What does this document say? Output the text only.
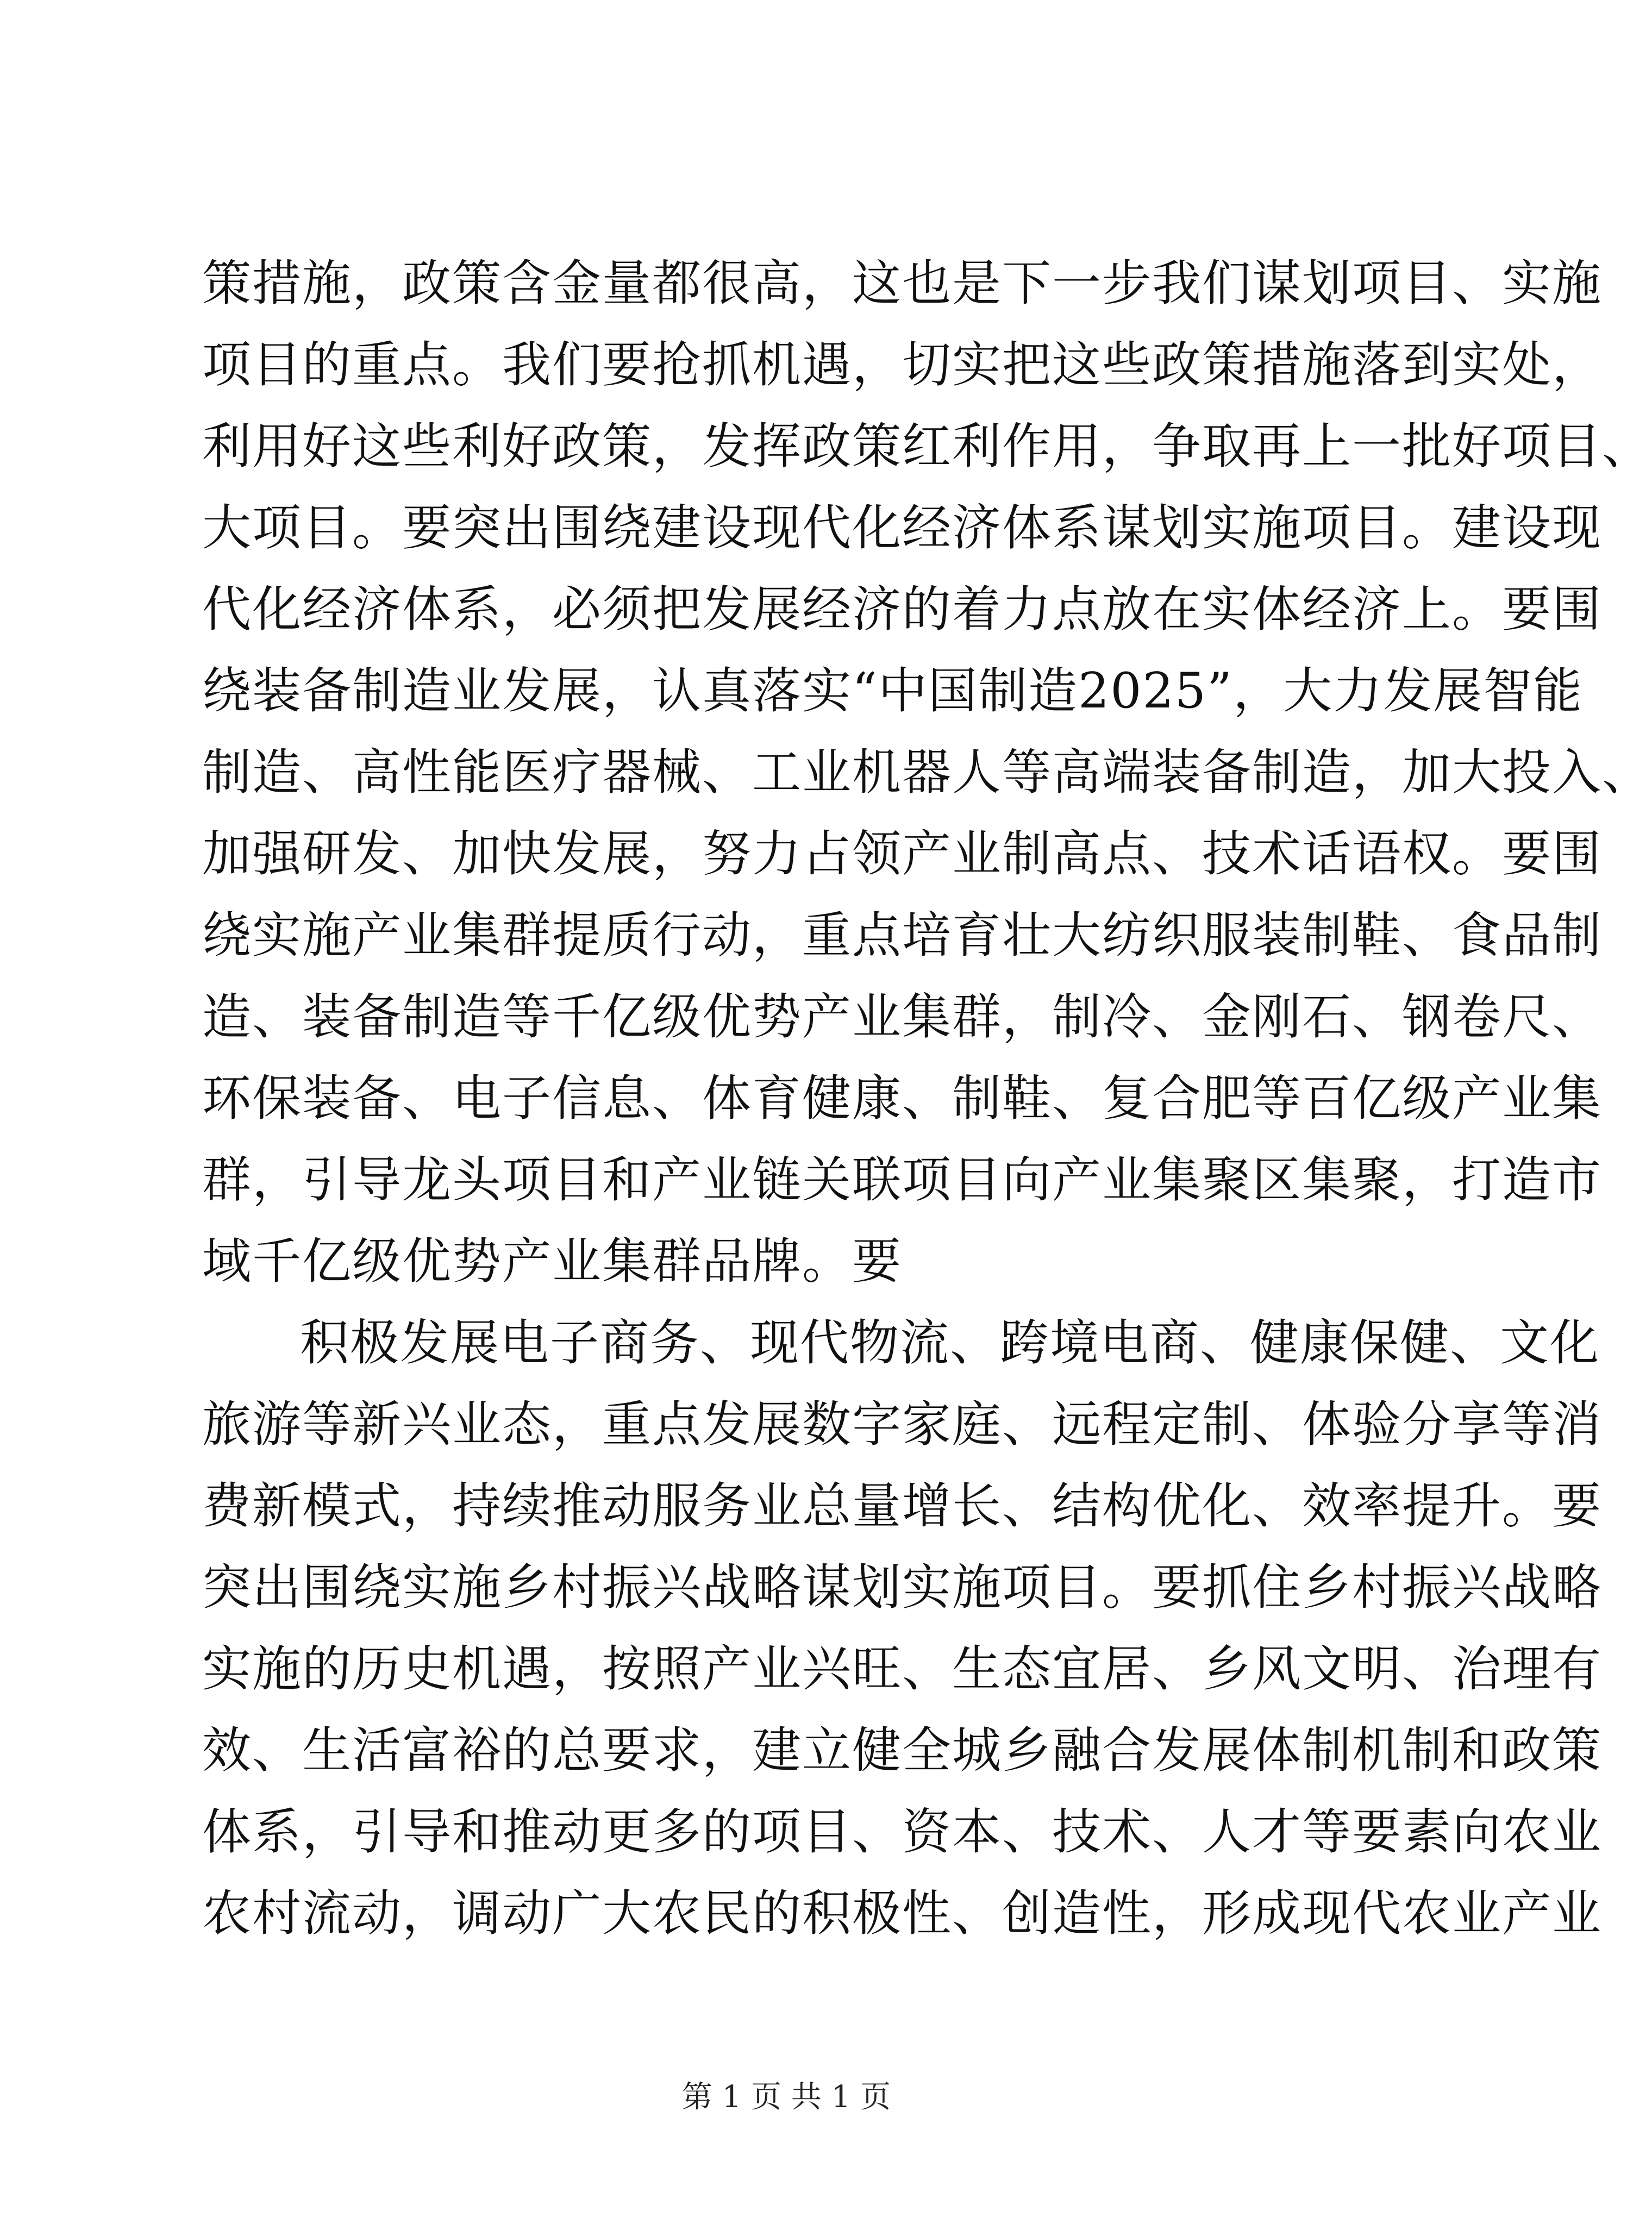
策措施，政策含金量都很高，这也是下一步我们谋划项目、实施
项目的重点。我们要抢抓机遇，切实把这些政策措施落到实处，
利用好这些利好政策，发挥政策红利作用，争取再上一批好项目、
大项目。要突出围绕建设现代化经济体系谋划实施项目。建设现
代化经济体系，必须把发展经济的着力点放在实体经济上。要围
绕装备制造业发展，认真落实“中国制造2025”，大力发展智能
制造、高性能医疗器械、工业机器人等高端装备制造，加大投入、
加强研发、加快发展，努力占领产业制高点、技术话语权。要围
绕实施产业集群提质行动，重点培育壮大纺织服装制鞋、食品制
造、装备制造等千亿级优势产业集群，制冷、金刚石、钢卷尺、
环保装备、电子信息、体育健康、制鞋、复合肥等百亿级产业集
群，引导龙头项目和产业链关联项目向产业集聚区集聚，打造市
域千亿级优势产业集群品牌。要
积极发展电子商务、现代物流、跨境电商、健康保健、文化
旅游等新兴业态，重点发展数字家庭、远程定制、体验分享等消
费新模式，持续推动服务业总量增长、结构优化、效率提升。要
突出围绕实施乡村振兴战略谋划实施项目。要抓住乡村振兴战略
实施的历史机遇，按照产业兴旺、生态宜居、乡风文明、治理有
效、生活富裕的总要求，建立健全城乡融合发展体制机制和政策
体系，引导和推动更多的项目、资本、技术、人才等要素向农业
农村流动，调动广大农民的积极性、创造性，形成现代农业产业
第 1 页 共 1 页
